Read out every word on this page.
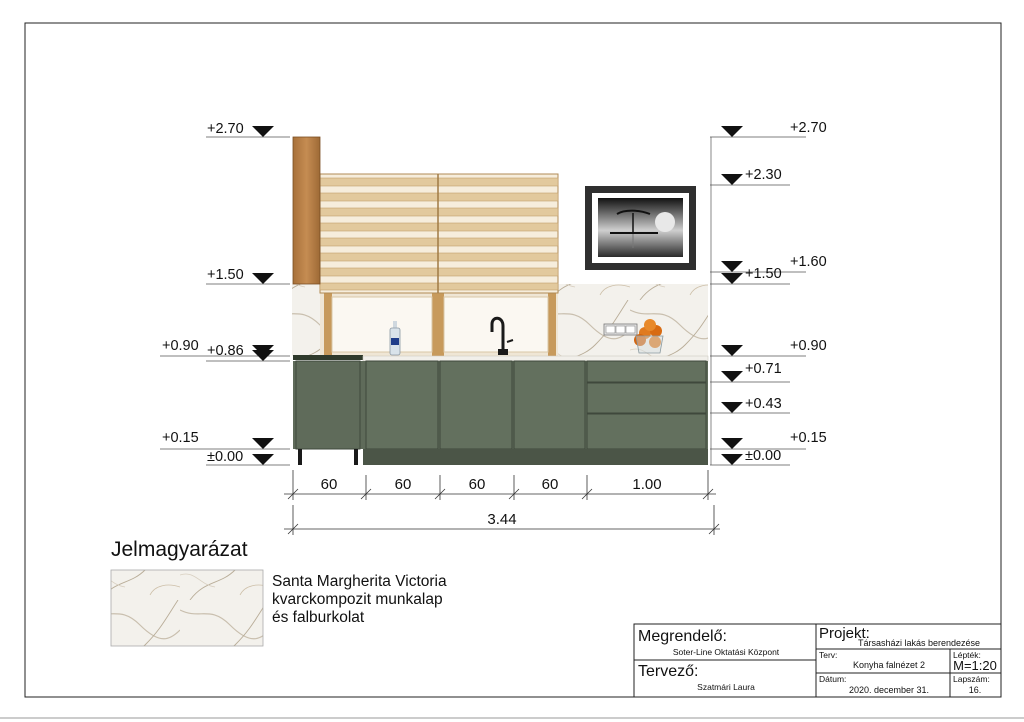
+2.70
+1.50
+0.90 +0.86
+0.15
±0.00
+2.70
+2.30
+1.60
+1.50
+0.90
+0.71
+0.43
+0.15
±0.00
60	60	60	60	1.00
3.44
Megrendelő:
Soter-Line Oktatási Központ
Tervező:
Szatmári Laura
Projekt:
Társasházi lakás berendezése
Terv:
Konyha falnézet 2
Lépték:
M=1:20
Dátum:
2020. december 31.
Lapszám:
16.
Jelmagyarázat
Santa Margherita Victoria
kvarckompozit munkalap
és falburkolat
